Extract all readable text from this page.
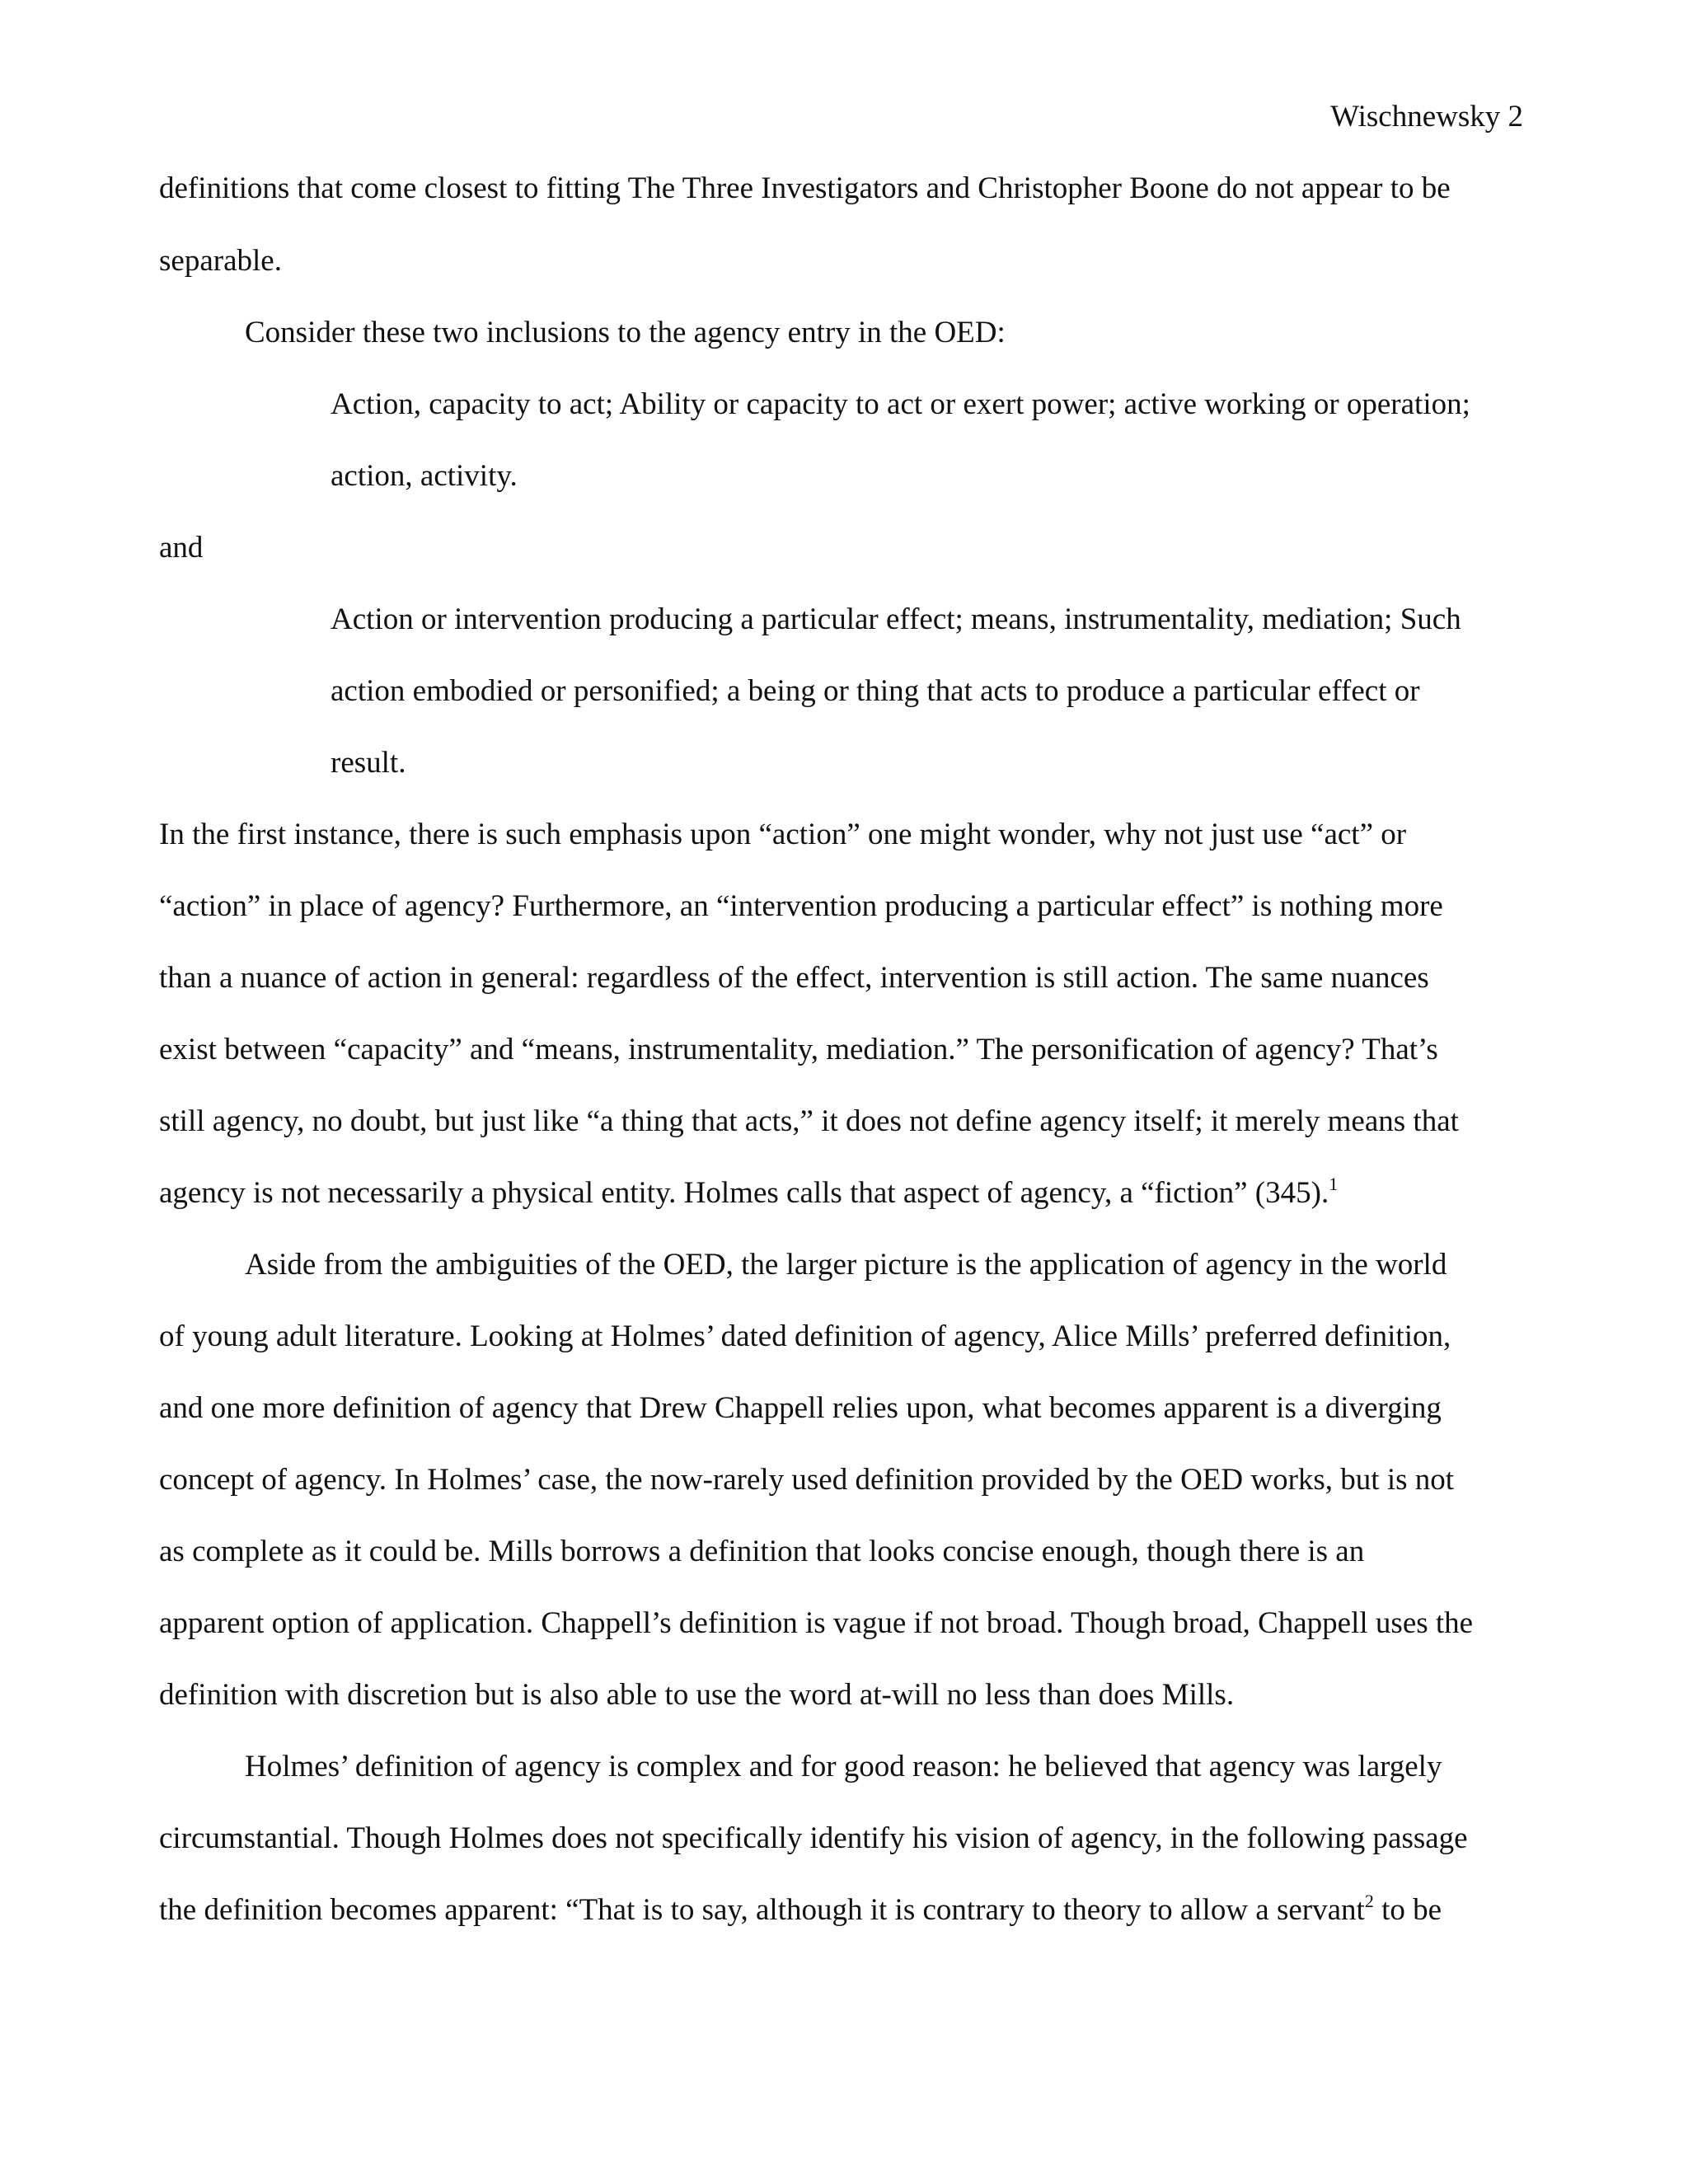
Wischnewsky 2
definitions that come closest to fitting The Three Investigators and Christopher Boone do not appear to be
separable.
Consider these two inclusions to the agency entry in the OED:
Action, capacity to act; Ability or capacity to act or exert power; active working or operation;
action, activity.
and
Action or intervention producing a particular effect; means, instrumentality, mediation; Such
action embodied or personified; a being or thing that acts to produce a particular effect or
result.
In the first instance, there is such emphasis upon “action” one might wonder, why not just use “act” or
“action” in place of agency? Furthermore, an “intervention producing a particular effect” is nothing more
than a nuance of action in general: regardless of the effect, intervention is still action. The same nuances
exist between “capacity” and “means, instrumentality, mediation.” The personification of agency? That’s
still agency, no doubt, but just like “a thing that acts,” it does not define agency itself; it merely means that
agency is not necessarily a physical entity. Holmes calls that aspect of agency, a “fiction” (345).$^1$
Aside from the ambiguities of the OED, the larger picture is the application of agency in the world
of young adult literature. Looking at Holmes’ dated definition of agency, Alice Mills’ preferred definition,
and one more definition of agency that Drew Chappell relies upon, what becomes apparent is a diverging
concept of agency. In Holmes’ case, the now-rarely used definition provided by the OED works, but is not
as complete as it could be. Mills borrows a definition that looks concise enough, though there is an
apparent option of application. Chappell’s definition is vague if not broad. Though broad, Chappell uses the
definition with discretion but is also able to use the word at-will no less than does Mills.
Holmes’ definition of agency is complex and for good reason: he believed that agency was largely
circumstantial. Though Holmes does not specifically identify his vision of agency, in the following passage
the definition becomes apparent: “That is to say, although it is contrary to theory to allow a servant$^2$ to be
